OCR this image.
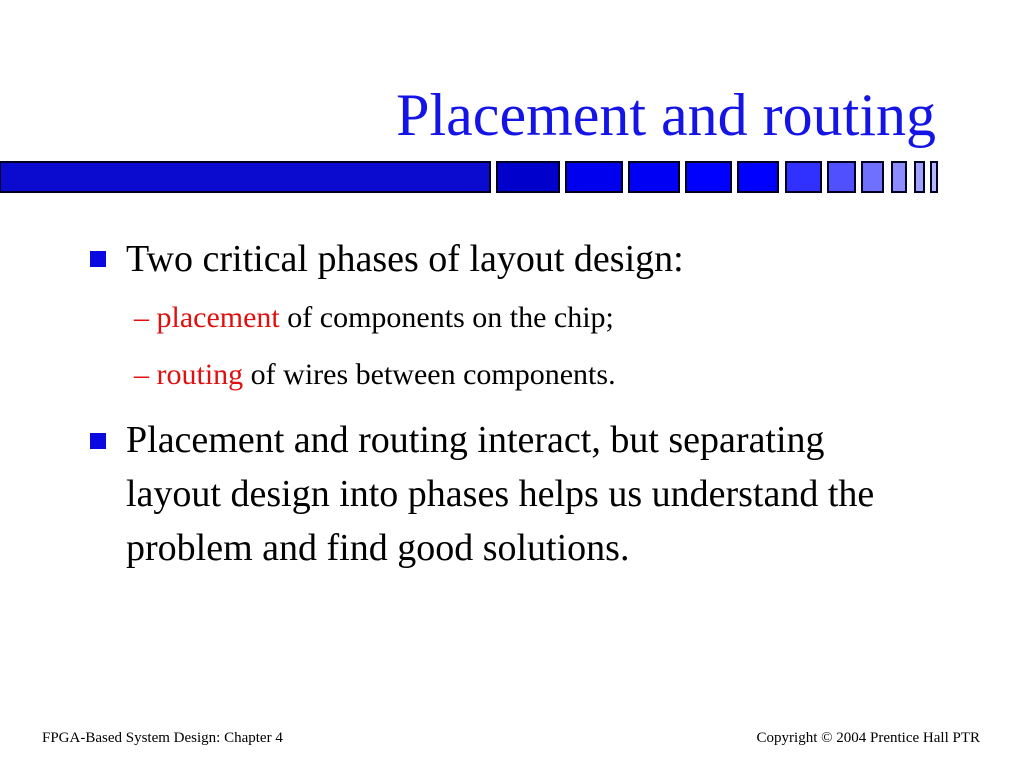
Placement and routing

Two critical phases of layout design:

– placement of components on the chip;

– routing of wires between components.

Placement and routing interact, but separating layout design into phases helps us understand the problem and find good solutions.

FPGA-Based System Design: Chapter 4	Copyright © 2004 Prentice Hall PTR
